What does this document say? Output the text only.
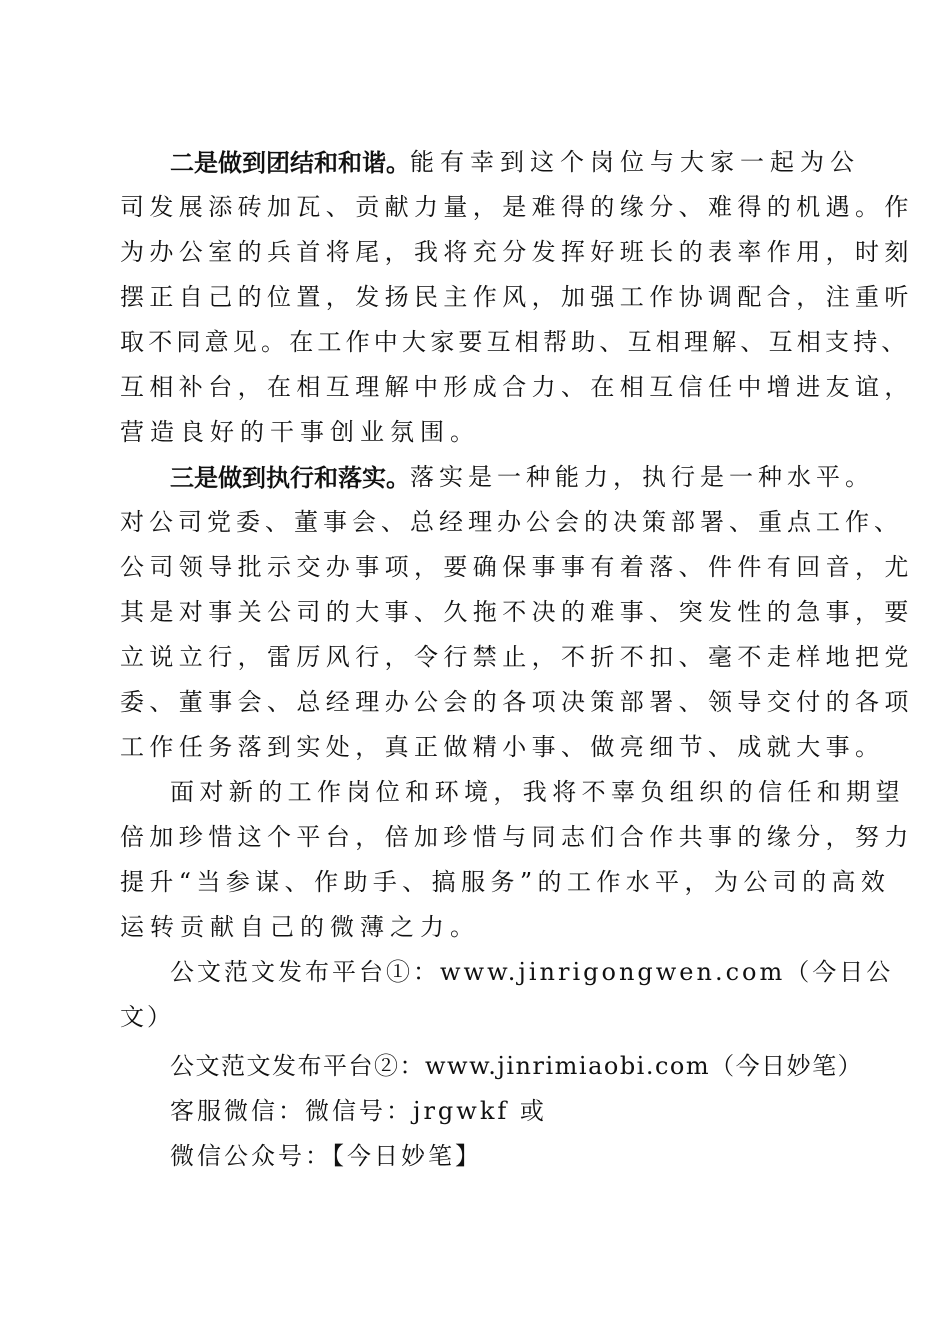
二是做到团结和和谐。 能有幸到这个岗位与大家一起为公
司发展添砖加瓦、贡献力量，是难得的缘分、难得的机遇。作
为办公室的兵首将尾，我将充分发挥好班长的表率作用，时刻
摆正自己的位置，发扬民主作风，加强工作协调配合，注重听
取不同意见。在工作中大家要互相帮助、互相理解、互相支持、
互相补台，在相互理解中形成合力、在相互信任中增进友谊，
营造良好的干事创业氛围。
三是做到执行和落实。 落实是一种能力，执行是一种水平。
对公司党委、董事会、总经理办公会的决策部署、重点工作、
公司领导批示交办事项，要确保事事有着落、件件有回音，尤
其是对事关公司的大事、久拖不决的难事、突发性的急事，要
立说立行，雷厉风行，令行禁止，不折不扣、毫不走样地把党
委、董事会、总经理办公会的各项决策部署、领导交付的各项
工作任务落到实处，真正做精小事、做亮细节、成就大事。
面对新的工作岗位和环境，我将不辜负组织的信任和期望
倍加珍惜这个平台，倍加珍惜与同志们合作共事的缘分，努力
提升“当参谋、作助手、搞服务”的工作水平，为公司的高效
运转贡献自己的微薄之力。
公文范文发布平台①：www.jinrigongwen.com（今日公
文）
公文范文发布平台②：www.jinrimiaobi.com（今日妙笔）
客服微信：微信号：jrgwkf 或
微信公众号：【今日妙笔】
